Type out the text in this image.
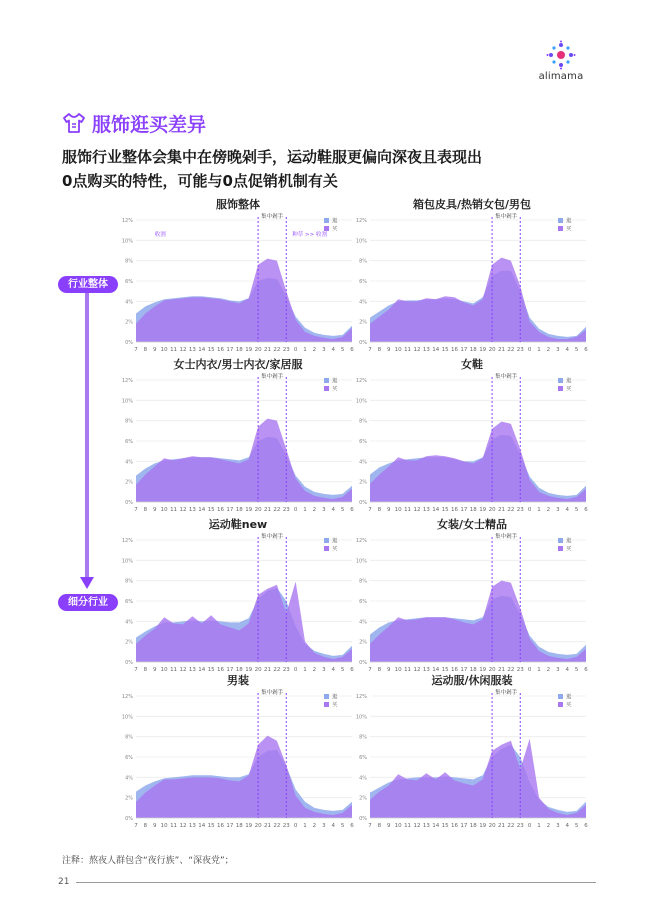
alimama
服饰逛买差异
服饰行业整体会集中在傍晚剁手，运动鞋服更偏向深夜且表现出
0点购买的特性，可能与0点促销机制有关
行业整体
细分行业
服饰整体
0%
2%
4%
6%
8%
10%
12%
7 8 9 10 11 12 13 14 15 16 17 18 19 20 21 22 23 0 1 2 3 4 5 6
集中剁手
收割	种草 >> 收割
逛
买
箱包皮具/热销女包/男包
0%
2%
4%
6%
8%
10%
12%
7 8 9 10 11 12 13 14 15 16 17 18 19 20 21 22 23 0 1 2 3 4 5 6
集中剁手
逛
买
女士内衣/男士内衣/家居服
0%
2%
4%
6%
8%
10%
12%
7 8 9 10 11 12 13 14 15 16 17 18 19 20 21 22 23 0 1 2 3 4 5 6
集中剁手
逛
买
女鞋
0%
2%
4%
6%
8%
10%
12%
7 8 9 10 11 12 13 14 15 16 17 18 19 20 21 22 23 0 1 2 3 4 5 6
集中剁手
逛
买
运动鞋new
0%
2%
4%
6%
8%
10%
12%
7 8 9 10 11 12 13 14 15 16 17 18 19 20 21 22 23 0 1 2 3 4 5 6
集中剁手
逛
买
女装/女士精品
0%
2%
4%
6%
8%
10%
12%
7 8 9 10 11 12 13 14 15 16 17 18 19 20 21 22 23 0 1 2 3 4 5 6
集中剁手
逛
买
男装
0%
2%
4%
6%
8%
10%
12%
7 8 9 10 11 12 13 14 15 16 17 18 19 20 21 22 23 0 1 2 3 4 5 6
集中剁手
逛
买
运动服/休闲服装
0%
2%
4%
6%
8%
10%
12%
7 8 9 10 11 12 13 14 15 16 17 18 19 20 21 22 23 0 1 2 3 4 5 6
集中剁手
逛
买
注释：熬夜人群包含“夜行族”、“深夜党”；
21
